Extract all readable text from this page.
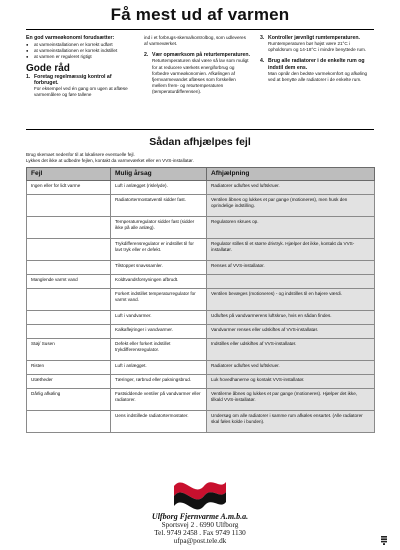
Få mest ud af varmen
En god varmeøkonomi forudsætter:
● at varmeinstallationen er korrekt udført
● at varmeinstallationen er korrekt indstillet
● at varmen er reguleret rigtigt
Gode råd
1. Foretag regelmæssig kontrol af forbruget.
For eksempel ved én gang om ugen at aflæse varmemålere og føre tallene
ind i et forbrugs-skema/kontrolbog, som udleveres af varmeværket.
2. Vær opmærksom på returtemperaturen.
Returtemperaturen skal være så lav som muligt for at reducere værkets energiforbrug og forbedre varmeøkonomien. Afkølingen af fjernvarmevandet aflæses som forskellen mellem frem- og returtemperaturen (temperaturdifferensen).
3. Kontroller jævnligt rumtemperaturen.
Rumtemperaturen bør højst være 21°C i opholdsrum og 14-18°C i mindre benyttede rum.
4. Brug alle radiatorer i de enkelte rum og indstil dem ens.
Man opnår den bedste varmekomfort og afkøling ved at benytte alle radiatorer i de enkelte rum.
Sådan afhjælpes fejl
Brug skemaet nedenfor til at lokalisere eventuelle fejl.
Lykkes det ikke at udbedre fejlen, kontakt da varmeværket eller en VVS-installatør.
Fejl	Mulig årsag	Afhjælpning
Ingen eller for lidt varme	Luft i anlægget (rislelyde).	Radiatorer udluftes ved luftskruer.
	Radiatortermostatventil sidder fast.	Ventilen åbnes og lukkes et par gange (motioneres), men husk den oprindelige indstilling.
	Temperaturregulator sidder fast (sidder ikke på alle anlæg).	Regulatoren skrues op.
	Trykdifferensregulator er indstillet til for lavt tryk eller er defekt.	Regulator stilles til et større drivtryk. Hjælper det ikke, kontakt da VVS-installatør.
	Tilstoppet snavssamler.	Renses af VVS-installatør.
Manglende varmt vand	Koldtvandsforsyningen afbrudt.	
	Forkert indstillet temperaturregulator for varmt vand.	Ventilen bevæges (motioneres) - og indstilles til en højere værdi.
	Luft i vandvarmer.	Udluftes på vandvarmerens luftskrue, hvis en sådan findes.
	Kalkaflejringer i vandvarmer.	Vandvarmer renses eller udskiftes af VVS-installatør.
Støj/ Susen	Defekt eller forkert indstillet trykdifferensregulator.	Indstilles eller udskiftes af VVS-installatør.
Risten	Luft i anlægget.	Radiatorer udluftes ved luftskruer.
Utætheder	Tæringer, rørbrud eller pakningsbrud.	Luk hovedhanerne og kontakt VVS-installatør.
Dårlig afkøling	Fastsiddende ventiler på vandvarmer eller radiatorer.	Ventilerne åbnes og lukkes et par gange (motioneres). Hjælper det ikke, tilkald VVS-installatør.
	Uens indstillede radiatortermostater.	Undersøg om alle radiatorer i samme rum afkøles ensartet. (Alle radiatorer skal føles kolde i bunden).
Ulfborg Fjernvarme A.m.b.a.
Sportsvej 2 . 6990 Ulfborg
Tel. 9749 2458 . Fax 9749 1130
ufpa@post.tele.dk
